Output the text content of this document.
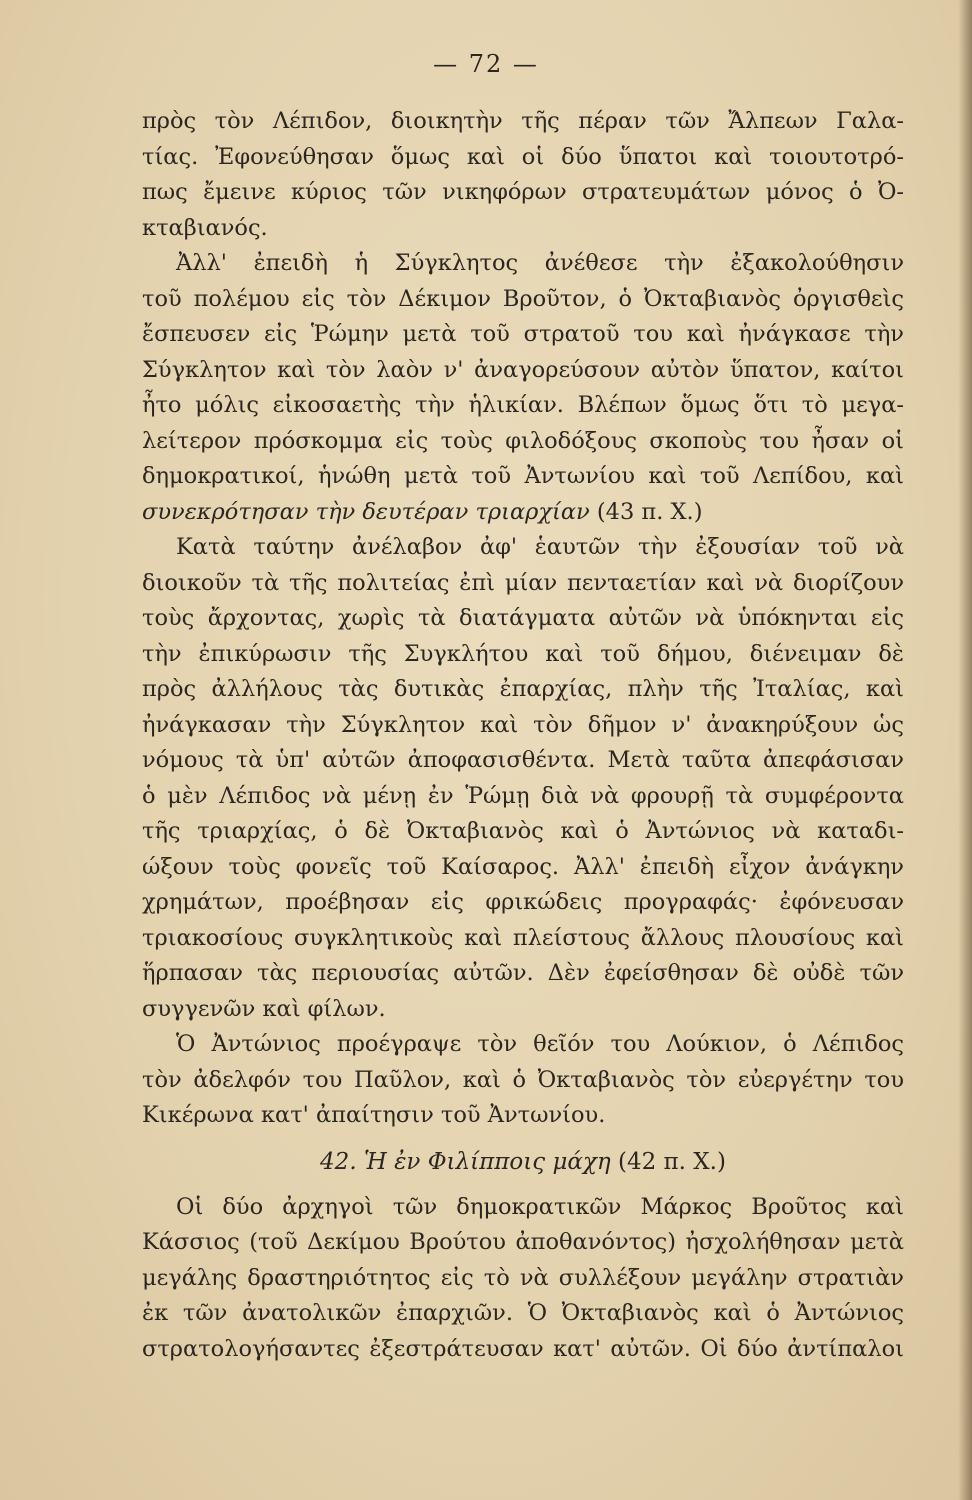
— 72 —
πρὸς τὸν Λέπιδον, διοικητὴν τῆς πέραν τῶν Ἄλπεων Γαλα-
τίας. Ἐφονεύθησαν ὅμως καὶ οἱ δύο ὕπατοι καὶ τοιουτοτρό-
πως ἔμεινε κύριος τῶν νικηφόρων στρατευμάτων μόνος ὁ Ὀ-
κταβιανός.
Ἀλλ' ἐπειδὴ ἡ Σύγκλητος ἀνέθεσε τὴν ἐξακολούθησιν
τοῦ πολέμου εἰς τὸν Δέκιμον Βροῦτον, ὁ Ὀκταβιανὸς ὀργισθεὶς
ἔσπευσεν εἰς Ῥώμην μετὰ τοῦ στρατοῦ του καὶ ἠνάγκασε τὴν
Σύγκλητον καὶ τὸν λαὸν ν' ἀναγορεύσουν αὐτὸν ὕπατον, καίτοι
ἦτο μόλις εἰκοσαετὴς τὴν ἡλικίαν. Βλέπων ὅμως ὅτι τὸ μεγα-
λείτερον πρόσκομμα εἰς τοὺς φιλοδόξους σκοποὺς του ἦσαν οἱ
δημοκρατικοί, ἡνώθη μετὰ τοῦ Ἀντωνίου καὶ τοῦ Λεπίδου, καὶ
συνεκρότησαν τὴν δευτέραν τριαρχίαν (43 π. Χ.)
Κατὰ ταύτην ἀνέλαβον ἀφ' ἑαυτῶν τὴν ἐξουσίαν τοῦ νὰ
διοικοῦν τὰ τῆς πολιτείας ἐπὶ μίαν πενταετίαν καὶ νὰ διορίζουν
τοὺς ἄρχοντας, χωρὶς τὰ διατάγματα αὐτῶν νὰ ὑπόκηνται εἰς
τὴν ἐπικύρωσιν τῆς Συγκλήτου καὶ τοῦ δήμου, διένειμαν δὲ
πρὸς ἀλλήλους τὰς δυτικὰς ἐπαρχίας, πλὴν τῆς Ἰταλίας, καὶ
ἠνάγκασαν τὴν Σύγκλητον καὶ τὸν δῆμον ν' ἀνακηρύξουν ὡς
νόμους τὰ ὑπ' αὐτῶν ἀποφασισθέντα. Μετὰ ταῦτα ἀπεφάσισαν
ὁ μὲν Λέπιδος νὰ μένῃ ἐν Ῥώμῃ διὰ νὰ φρουρῇ τὰ συμφέροντα
τῆς τριαρχίας, ὁ δὲ Ὀκταβιανὸς καὶ ὁ Ἀντώνιος νὰ καταδι-
ώξουν τοὺς φονεῖς τοῦ Καίσαρος. Ἀλλ' ἐπειδὴ εἶχον ἀνάγκην
χρημάτων, προέβησαν εἰς φρικώδεις προγραφάς· ἐφόνευσαν
τριακοσίους συγκλητικοὺς καὶ πλείστους ἄλλους πλουσίους καὶ
ἥρπασαν τὰς περιουσίας αὐτῶν. Δὲν ἐφείσθησαν δὲ οὐδὲ τῶν
συγγενῶν καὶ φίλων.
Ὁ Ἀντώνιος προέγραψε τὸν θεῖόν του Λούκιον, ὁ Λέπιδος
τὸν ἀδελφόν του Παῦλον, καὶ ὁ Ὀκταβιανὸς τὸν εὐεργέτην του
Κικέρωνα κατ' ἀπαίτησιν τοῦ Ἀντωνίου.
42. Ἡ ἐν Φιλίπποις μάχη (42 π. Χ.)
Οἱ δύο ἀρχηγοὶ τῶν δημοκρατικῶν Μάρκος Βροῦτος καὶ
Κάσσιος (τοῦ Δεκίμου Βρούτου ἀποθανόντος) ἠσχολήθησαν μετὰ
μεγάλης δραστηριότητος εἰς τὸ νὰ συλλέξουν μεγάλην στρατιὰν
ἐκ τῶν ἀνατολικῶν ἐπαρχιῶν. Ὁ Ὀκταβιανὸς καὶ ὁ Ἀντώνιος
στρατολογήσαντες ἐξεστράτευσαν κατ' αὐτῶν. Οἱ δύο ἀντίπαλοι
